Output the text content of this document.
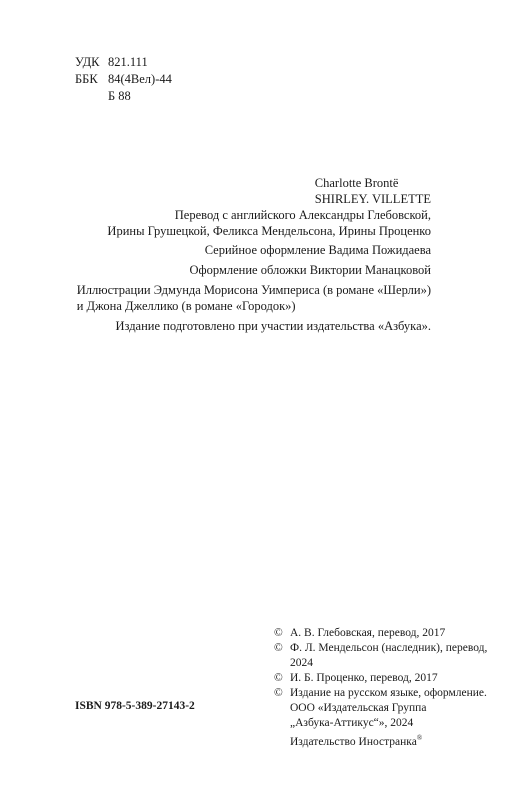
УДК 821.111
ББК 84(4Вел)-44
Б 88
Charlotte Brontё
SHIRLEY. VILLETTE
Перевод с английского Александры Глебовской,
Ирины Грушецкой, Феликса Мендельсона, Ирины Проценко
Серийное оформление Вадима Пожидаева
Оформление обложки Виктории Манацковой
Иллюстрации Эдмунда Морисона Уимпериса (в романе «Шерли»)
и Джона Джеллико (в романе «Городок»)
Издание подготовлено при участии издательства «Азбука».
© А. В. Глебовская, перевод, 2017
© Ф. Л. Мендельсон (наследник), перевод,
2024
© И. Б. Проценко, перевод, 2017
© Издание на русском языке, оформление.
ООО «Издательская Группа
„Азбука-Аттикус“», 2024
Издательство Иностранка®
ISBN 978-5-389-27143-2
